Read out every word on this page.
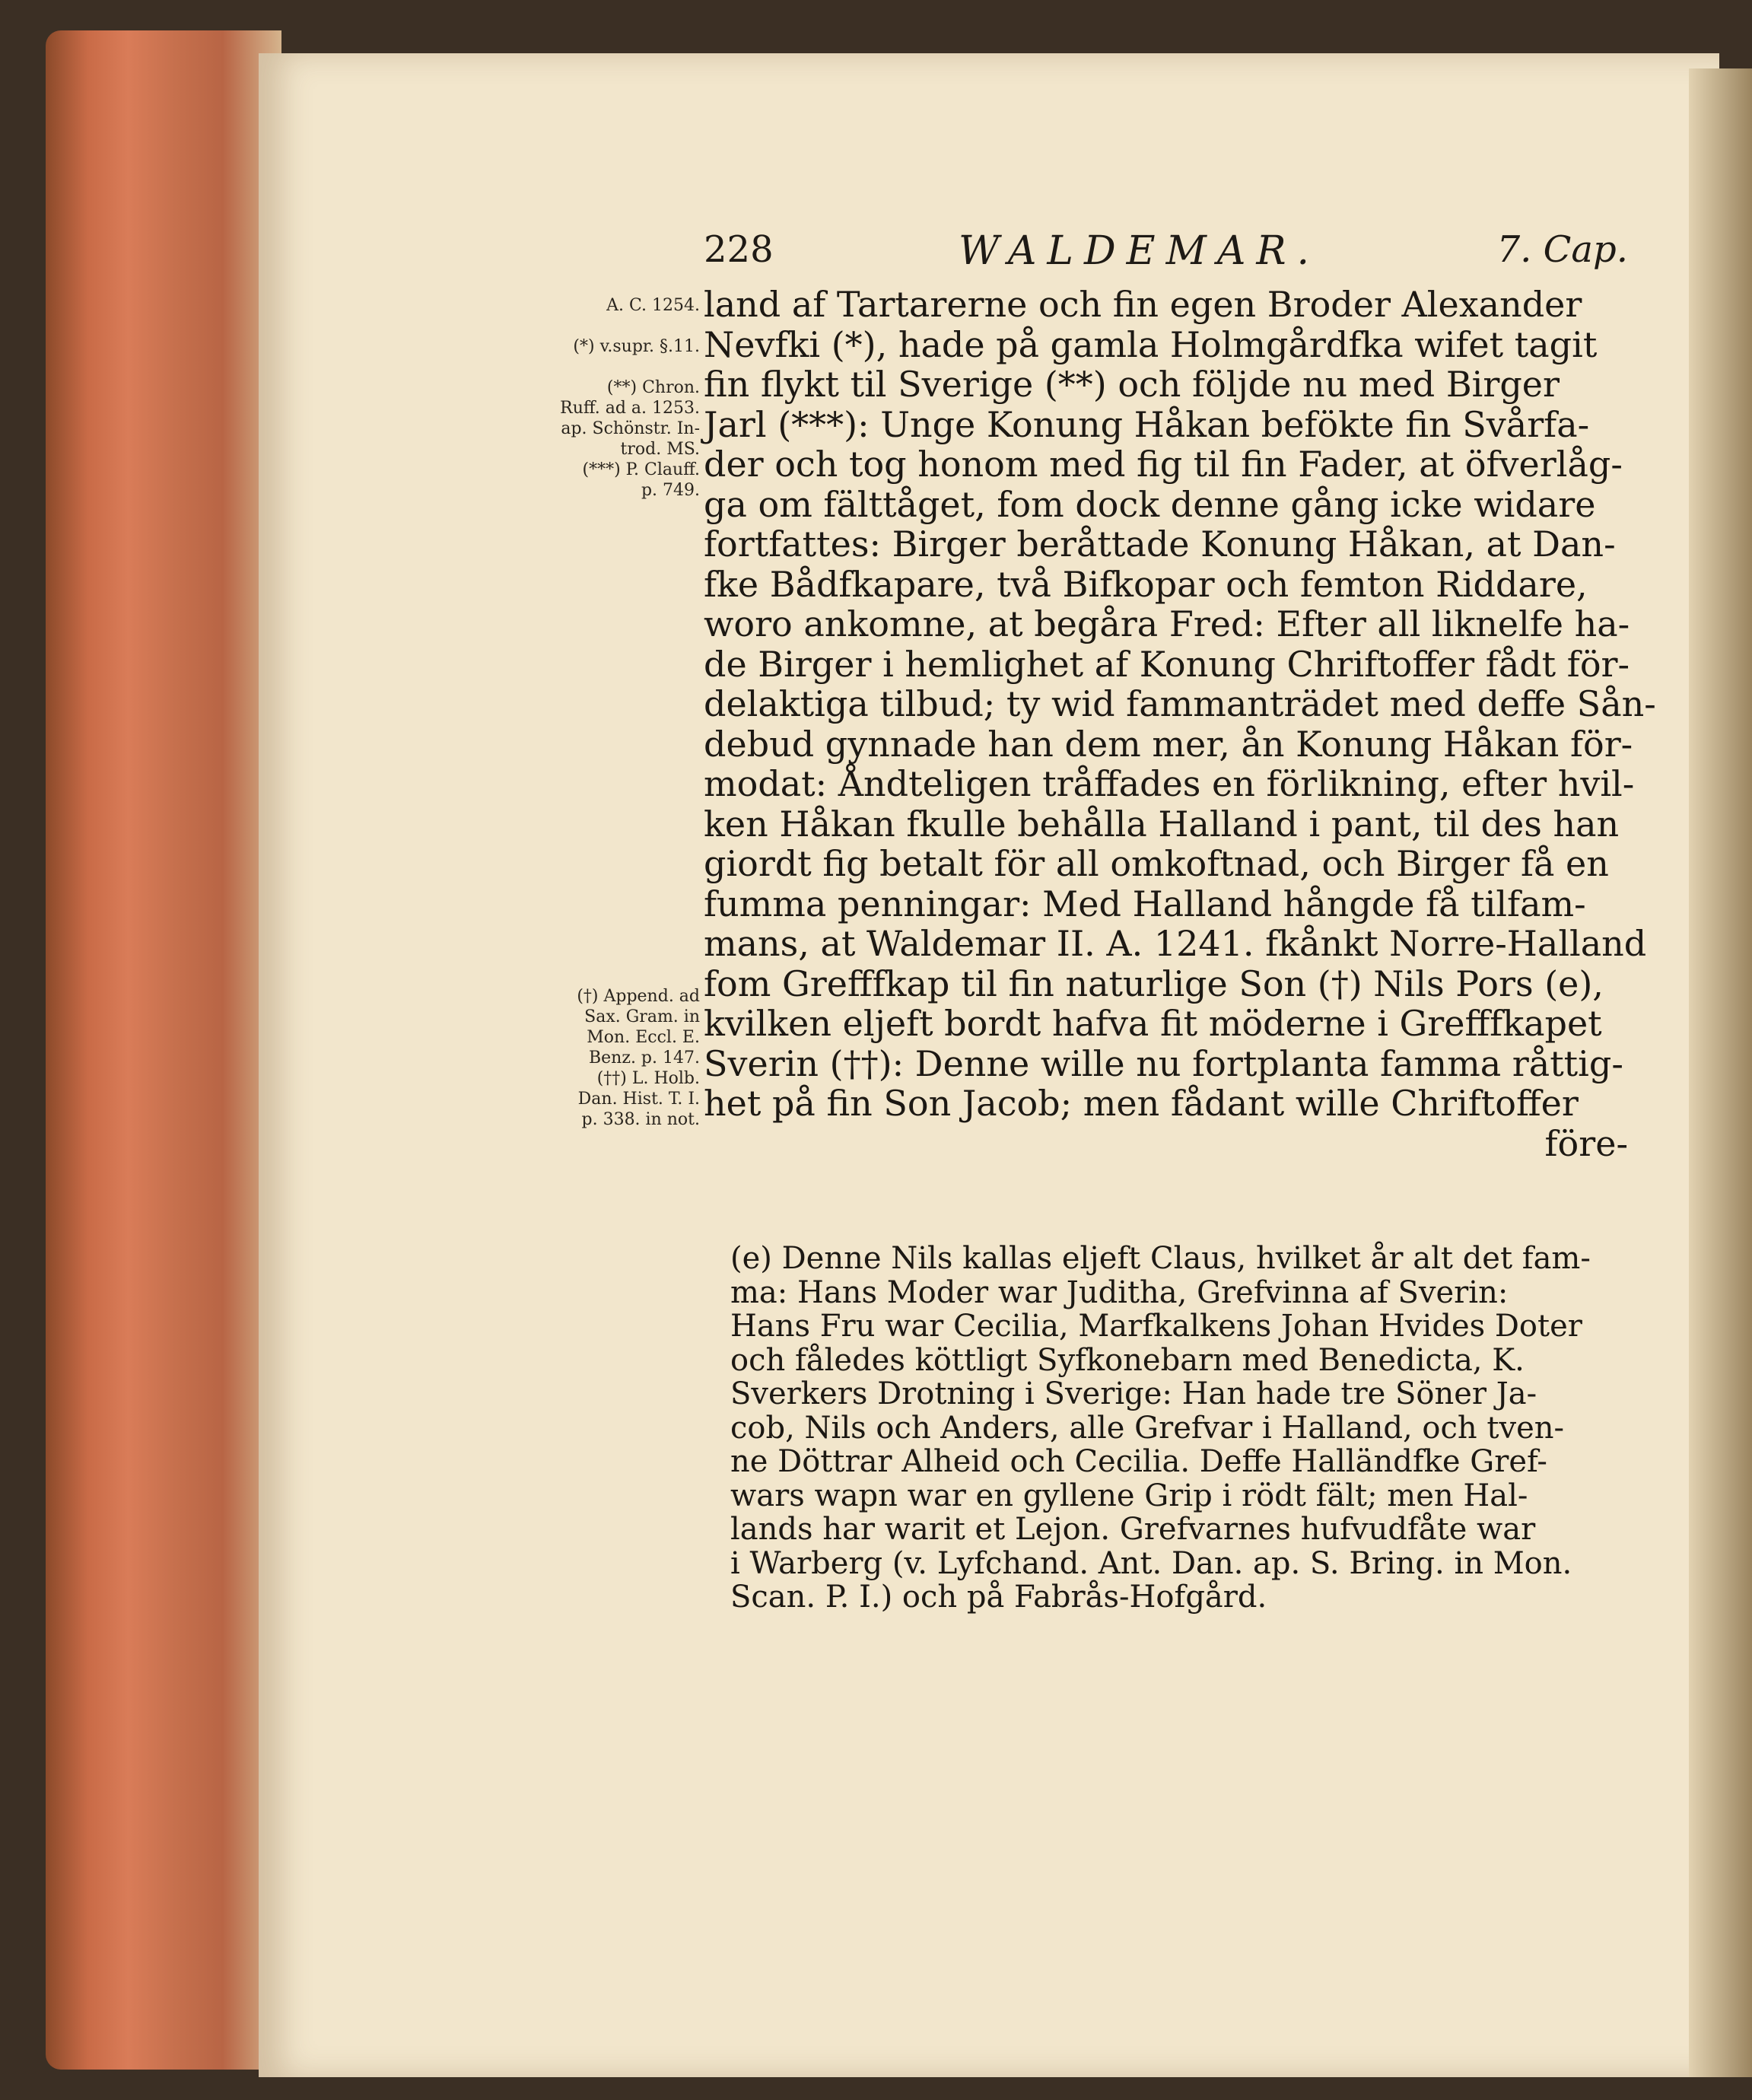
228	WALDEMAR.	7. Cap.
A. C. 1254.
(*) v.supr. §.11.
(**) Chron.
Ruff. ad a. 1253.
ap. Schönstr. In-
trod. MS.
(***) P. Clauff.
p. 749.
(†) Append. ad
Sax. Gram. in
Mon. Eccl. E.
Benz. p. 147.
(††) L. Holb.
Dan. Hist. T. I.
p. 338. in not.
land af Tartarerne och fin egen Broder Alexander
Nevfki (*), hade på gamla Holmgårdfka wifet tagit
fin flykt til Sverige (**) och följde nu med Birger
Jarl (***): Unge Konung Håkan befökte fin Svårfa-
der och tog honom med fig til fin Fader, at öfverlåg-
ga om fälttåget, fom dock denne gång icke widare
fortfattes: Birger beråttade Konung Håkan, at Dan-
fke Bådfkapare, två Bifkopar och femton Riddare,
woro ankomne, at begåra Fred: Efter all liknelfe ha-
de Birger i hemlighet af Konung Chriftoffer fådt för-
delaktiga tilbud; ty wid fammanträdet med deffe Sån-
debud gynnade han dem mer, ån Konung Håkan för-
modat: Åndteligen tråffades en förlikning, efter hvil-
ken Håkan fkulle behålla Halland i pant, til des han
giordt fig betalt för all omkoftnad, och Birger få en
fumma penningar: Med Halland hångde få tilfam-
mans, at Waldemar II. A. 1241. fkånkt Norre-Halland
fom Grefffkap til fin naturlige Son (†) Nils Pors (e),
kvilken eljeft bordt hafva fit möderne i Grefffkapet
Sverin (††): Denne wille nu fortplanta famma råttig-
het på fin Son Jacob; men fådant wille Chriftoffer
före-
(e) Denne Nils kallas eljeft Claus, hvilket år alt det fam-
ma: Hans Moder war Juditha, Grefvinna af Sverin:
Hans Fru war Cecilia, Marfkalkens Johan Hvides Doter
och fåledes köttligt Syfkonebarn med Benedicta, K.
Sverkers Drotning i Sverige: Han hade tre Söner Ja-
cob, Nils och Anders, alle Grefvar i Halland, och tven-
ne Döttrar Alheid och Cecilia. Deffe Halländfke Gref-
wars wapn war en gyllene Grip i rödt fält; men Hal-
lands har warit et Lejon. Grefvarnes hufvudfåte war
i Warberg (v. Lyfchand. Ant. Dan. ap. S. Bring. in Mon.
Scan. P. I.) och på Fabrås-Hofgård.
